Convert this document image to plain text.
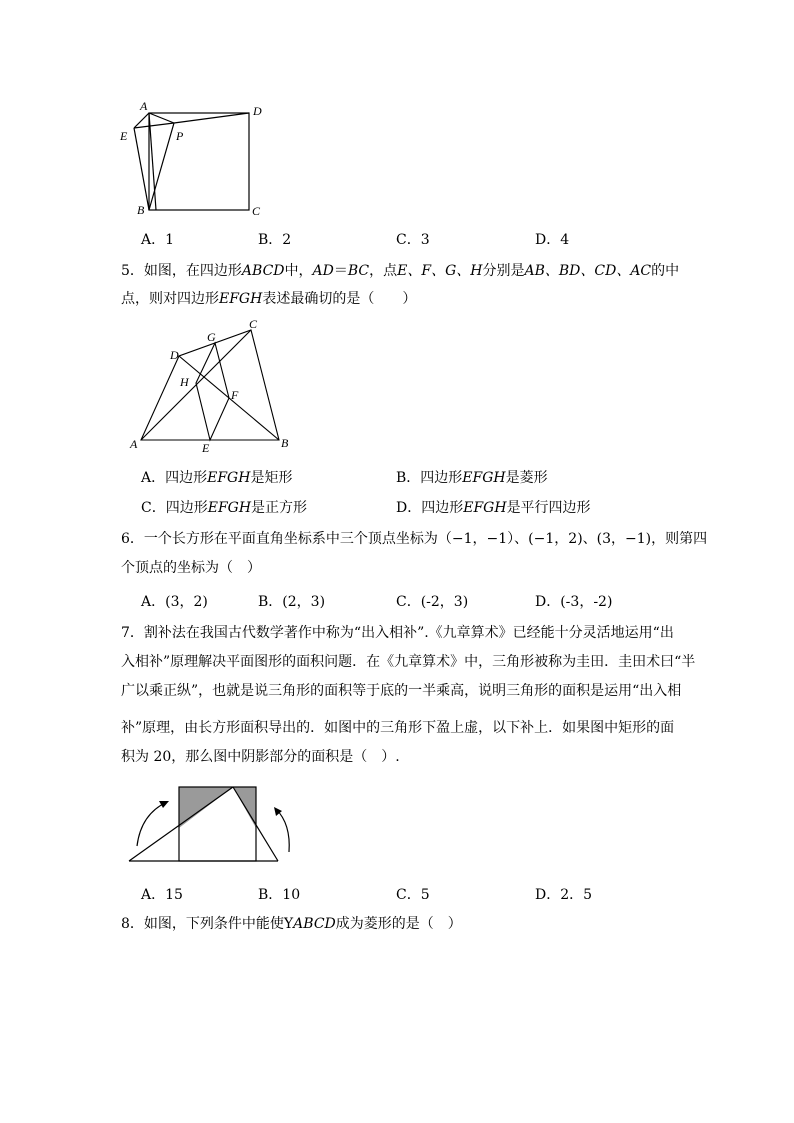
A	D
E	P
B	C
A．1	B．2	C．3	D．4
5．如图，在四边形ABCD中，AD＝BC，点E、F、G、H分别是AB、BD、CD、AC的中
点，则对四边形EFGH表述最确切的是（　　）
A	B
C
D
E
F
G
H
A．四边形EFGH是矩形	B．四边形EFGH是菱形
C．四边形EFGH是正方形	D．四边形EFGH是平行四边形
6．一个长方形在平面直角坐标系中三个顶点坐标为（−1，−1）、(−1，2)、(3，−1)，则第四
个顶点的坐标为（　）
A．(3，2)	B．(2，3)	C．(-2，3)	D．(-3，-2)
7．割补法在我国古代数学著作中称为“出入相补”.《九章算术》已经能十分灵活地运用“出
入相补”原理解决平面图形的面积问题．在《九章算术》中，三角形被称为圭田．圭田术曰“半
广以乘正纵”，也就是说三角形的面积等于底的一半乘高，说明三角形的面积是运用“出入相
补”原理，由长方形面积导出的．如图中的三角形下盈上虚，以下补上．如果图中矩形的面
积为 20，那么图中阴影部分的面积是（　）.
A．15	B．10	C．5	D．2．5
8．如图，下列条件中能使YABCD成为菱形的是（　）
